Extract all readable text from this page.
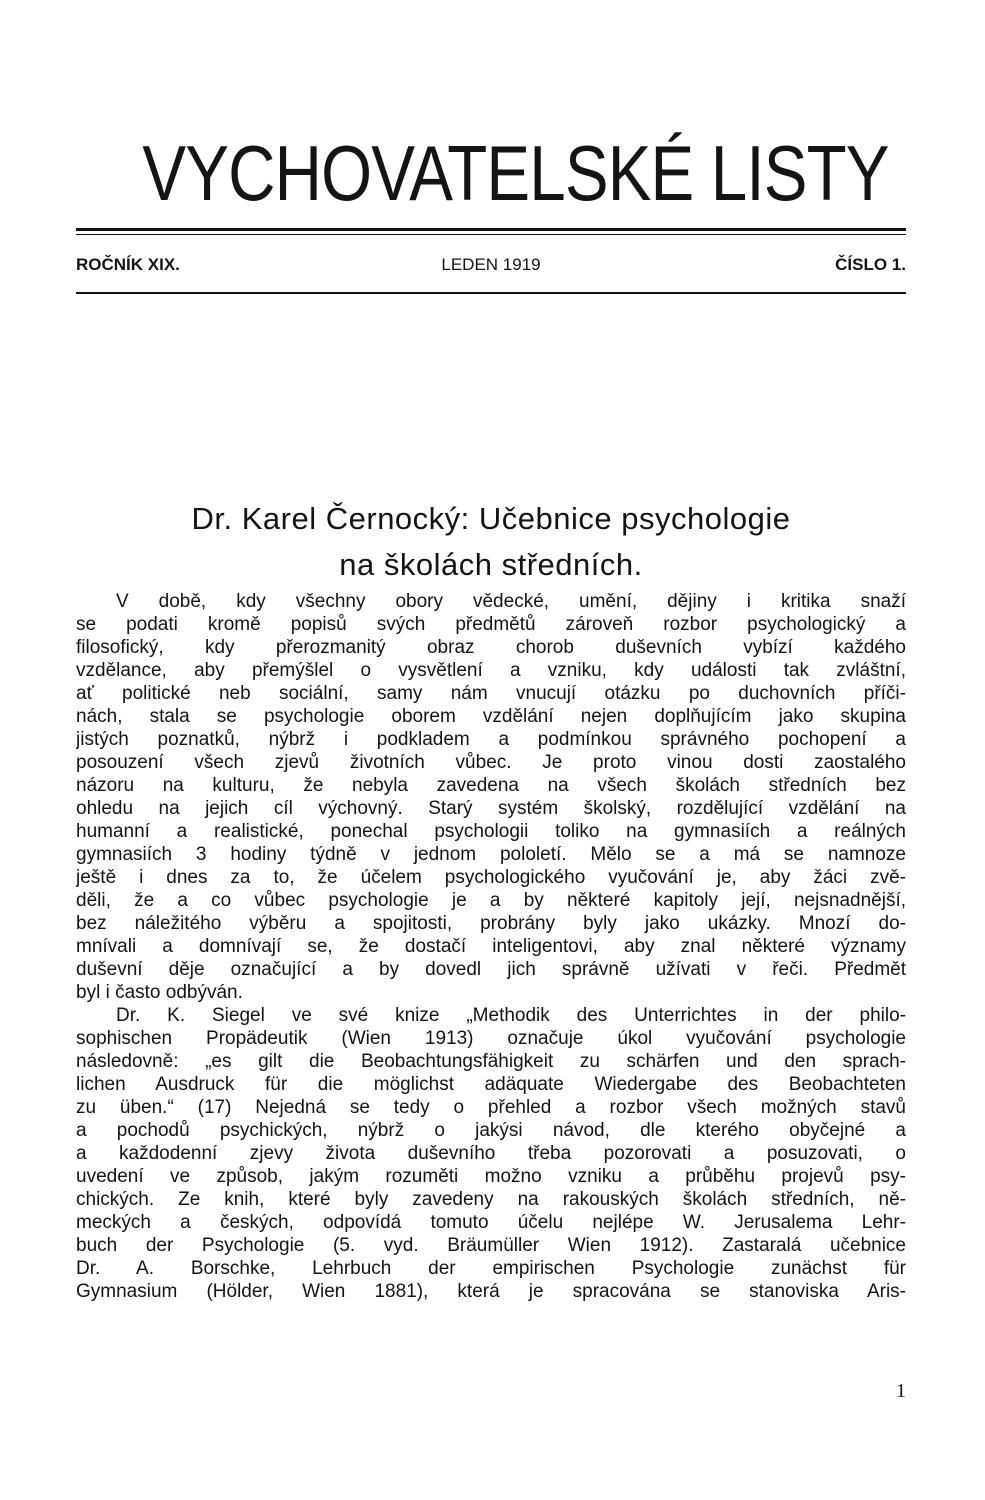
VYCHOVATELSKÉ LISTY
LEDEN 1919
ROČNÍK XIX.	ČÍSLO 1.
Dr. Karel Černocký: Učebnice psychologie
na školách středních.
V době, kdy všechny obory vědecké, umění, dějiny i kritika snaží
se podati kromě popisů svých předmětů zároveň rozbor psychologický a
filosofický, kdy přerozmanitý obraz chorob duševních vybízí každého
vzdělance, aby přemýšlel o vysvětlení a vzniku, kdy události tak zvláštní,
ať politické neb sociální, samy nám vnucují otázku po duchovních příči-
nách, stala se psychologie oborem vzdělání nejen doplňujícím jako skupina
jistých poznatků, nýbrž i podkladem a podmínkou správného pochopení a
posouzení všech zjevů životních vůbec. Je proto vinou dosti zaostalého
názoru na kulturu, že nebyla zavedena na všech školách středních bez
ohledu na jejich cíl výchovný. Starý systém školský, rozdělující vzdělání na
humanní a realistické, ponechal psychologii toliko na gymnasiích a reálných
gymnasiích 3 hodiny týdně v jednom pololetí. Mělo se a má se namnoze
ještě i dnes za to, že účelem psychologického vyučování je, aby žáci zvě-
děli, že a co vůbec psychologie je a by některé kapitoly její, nejsnadnější,
bez náležitého výběru a spojitosti, probrány byly jako ukázky. Mnozí do-
mnívali a domnívají se, že dostačí inteligentovi, aby znal některé významy
duševní děje označující a by dovedl jich správně užívati v řeči. Předmět
byl i často odbýván.
Dr. K. Siegel ve své knize „Methodik des Unterrichtes in der philo-
sophischen Propädeutik (Wien 1913) označuje úkol vyučování psychologie
následovně: „es gilt die Beobachtungsfähigkeit zu schärfen und den sprach-
lichen Ausdruck für die möglichst adäquate Wiedergabe des Beobachteten
zu üben.“ (17) Nejedná se tedy o přehled a rozbor všech možných stavů
a pochodů psychických, nýbrž o jakýsi návod, dle kterého obyčejné a
a každodenní zjevy života duševního třeba pozorovati a posuzovati, o
uvedení ve způsob, jakým rozuměti možno vzniku a průběhu projevů psy-
chických. Ze knih, které byly zavedeny na rakouských školách středních, ně-
meckých a českých, odpovídá tomuto účelu nejlépe W. Jerusalema Lehr-
buch der Psychologie (5. vyd. Bräumüller Wien 1912). Zastaralá učebnice
Dr. A. Borschke, Lehrbuch der empirischen Psychologie zunächst für
Gymnasium (Hölder, Wien 1881), která je spracována se stanoviska Aris-
1
